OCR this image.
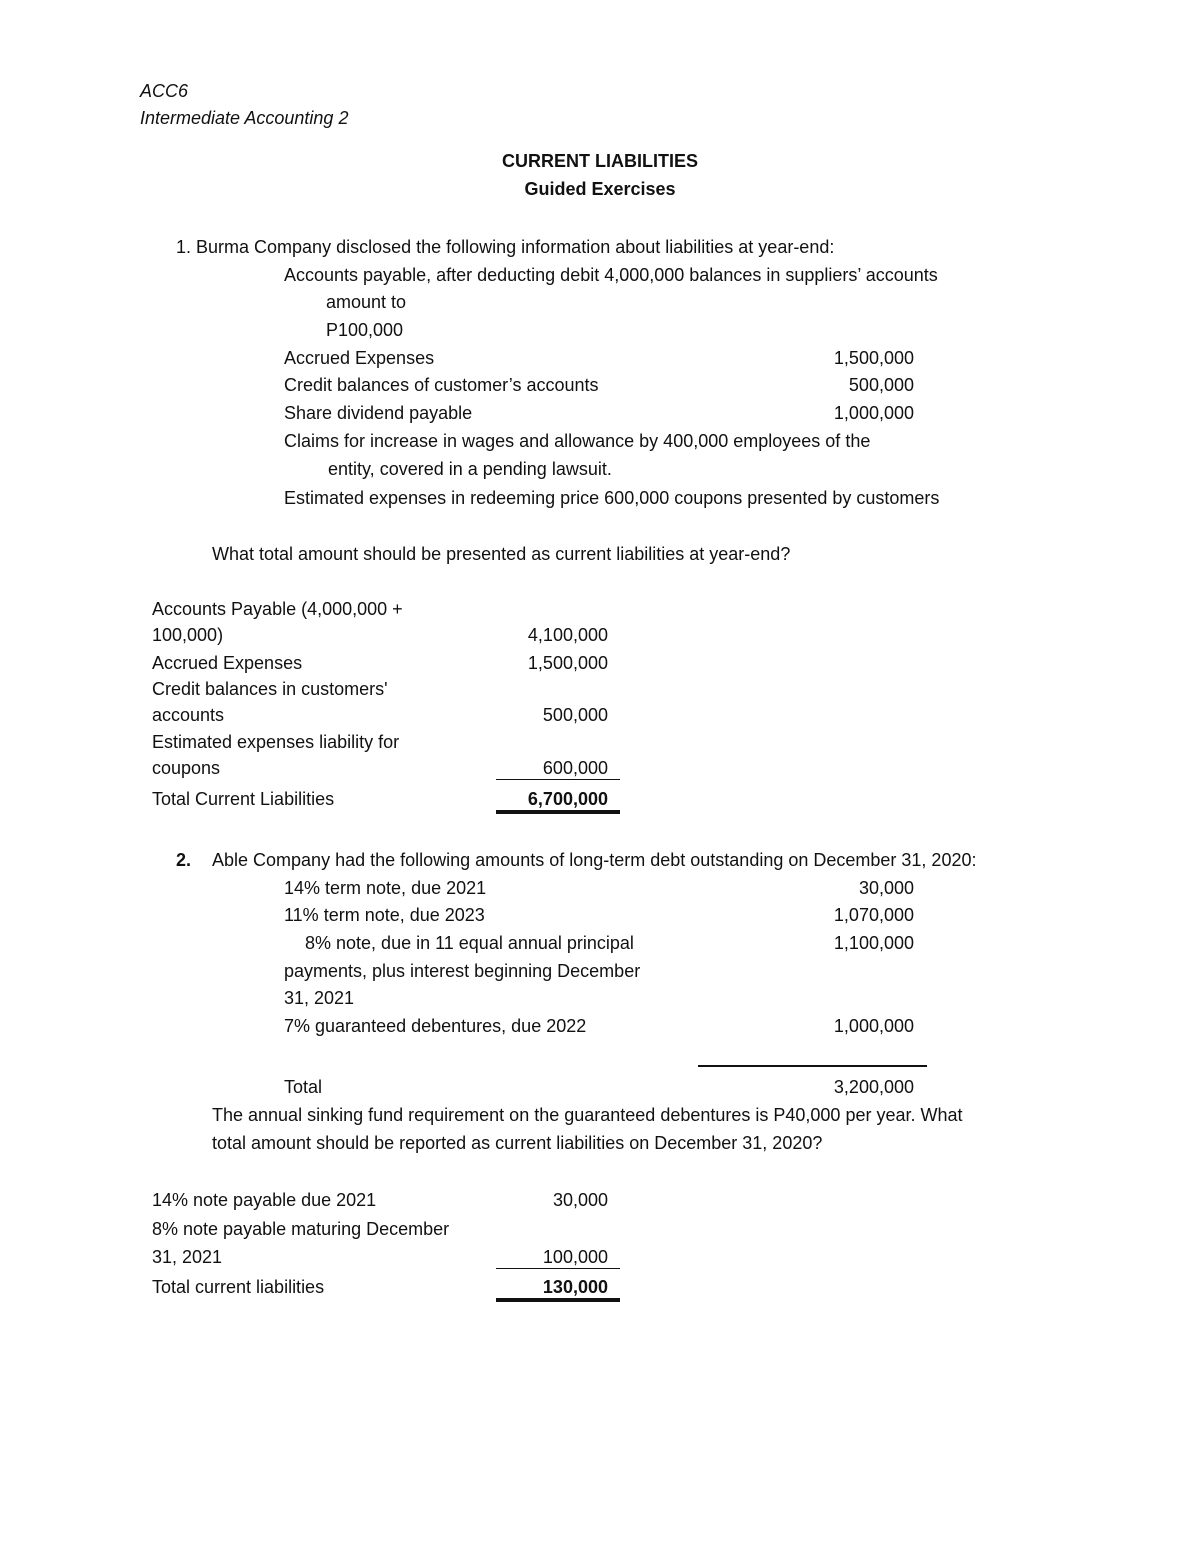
ACC6
Intermediate Accounting 2
CURRENT LIABILITIES
Guided Exercises
1. Burma Company disclosed the following information about liabilities at year-end:
Accounts payable, after deducting debit 4,000,000 balances in suppliers’ accounts
amount to
P100,000
Accrued Expenses	1,500,000
Credit balances of customer’s accounts	500,000
Share dividend payable	1,000,000
Claims for increase in wages and allowance by 400,000 employees of the
entity, covered in a pending lawsuit.
Estimated expenses in redeeming price 600,000 coupons presented by customers
What total amount should be presented as current liabilities at year-end?
Accounts Payable (4,000,000 +
100,000)	4,100,000
Accrued Expenses	1,500,000
Credit balances in customers'
accounts	500,000
Estimated expenses liability for
coupons	600,000
Total Current Liabilities	6,700,000
2. Able Company had the following amounts of long-term debt outstanding on December 31, 2020:
14% term note, due 2021	30,000
11% term note, due 2023	1,070,000
8% note, due in 11 equal annual principal	1,100,000
payments, plus interest beginning December
31, 2021
7% guaranteed debentures, due 2022	1,000,000
Total	3,200,000
The annual sinking fund requirement on the guaranteed debentures is P40,000 per year. What
total amount should be reported as current liabilities on December 31, 2020?
14% note payable due 2021	30,000
8% note payable maturing December
31, 2021	100,000
Total current liabilities	130,000
